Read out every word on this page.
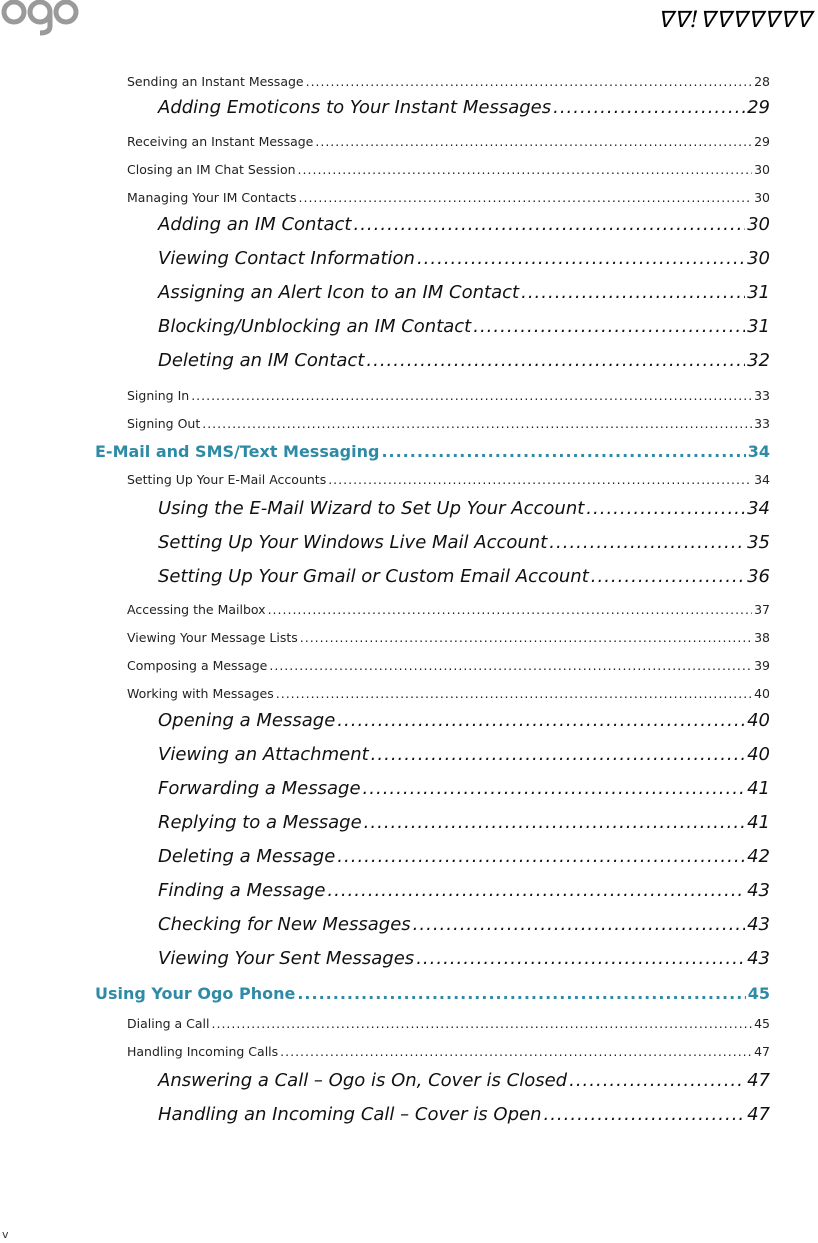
ᐁᐁ!ᐁᐁᐁᐁᐁᐁᐁ
Sending an Instant Message .....	28
Adding Emoticons to Your Instant Messages .....	29
Receiving an Instant Message .....	29
Closing an IM Chat Session .....	30
Managing Your IM Contacts .....	30
Adding an IM Contact .....	30
Viewing Contact Information .....	30
Assigning an Alert Icon to an IM Contact .....	31
Blocking/Unblocking an IM Contact .....	31
Deleting an IM Contact .....	32
Signing In .....	33
Signing Out .....	33
E-Mail and SMS/Text Messaging .....	34
Setting Up Your E-Mail Accounts .....	34
Using the E-Mail Wizard to Set Up Your Account .....	34
Setting Up Your Windows Live Mail Account .....	35
Setting Up Your Gmail or Custom Email Account .....	36
Accessing the Mailbox .....	37
Viewing Your Message Lists .....	38
Composing a Message .....	39
Working with Messages .....	40
Opening a Message .....	40
Viewing an Attachment .....	40
Forwarding a Message .....	41
Replying to a Message .....	41
Deleting a Message .....	42
Finding a Message .....	43
Checking for New Messages .....	43
Viewing Your Sent Messages .....	43
Using Your Ogo Phone .....	45
Dialing a Call .....	45
Handling Incoming Calls .....	47
Answering a Call – Ogo is On, Cover is Closed .....	47
Handling an Incoming Call – Cover is Open .....	47
v
